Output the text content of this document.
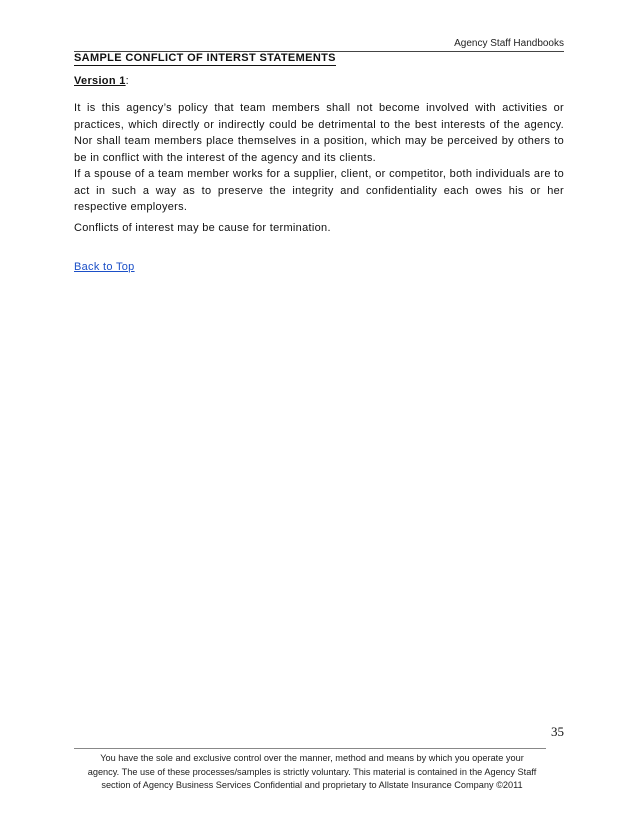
Agency Staff Handbooks
SAMPLE CONFLICT OF INTERST STATEMENTS
Version 1:
It is this agency’s policy that team members shall not become involved with activities or practices, which directly or indirectly could be detrimental to the best interests of the agency. Nor shall team members place themselves in a position, which may be perceived by others to be in conflict with the interest of the agency and its clients.
If a spouse of a team member works for a supplier, client, or competitor, both individuals are to act in such a way as to preserve the integrity and confidentiality each owes his or her respective employers.
Conflicts of interest may be cause for termination.
Back to Top
35
You have the sole and exclusive control over the manner, method and means by which you operate your
agency. The use of these processes/samples is strictly voluntary. This material is contained in the Agency Staff
section of Agency Business Services Confidential and proprietary to Allstate Insurance Company ©2011
